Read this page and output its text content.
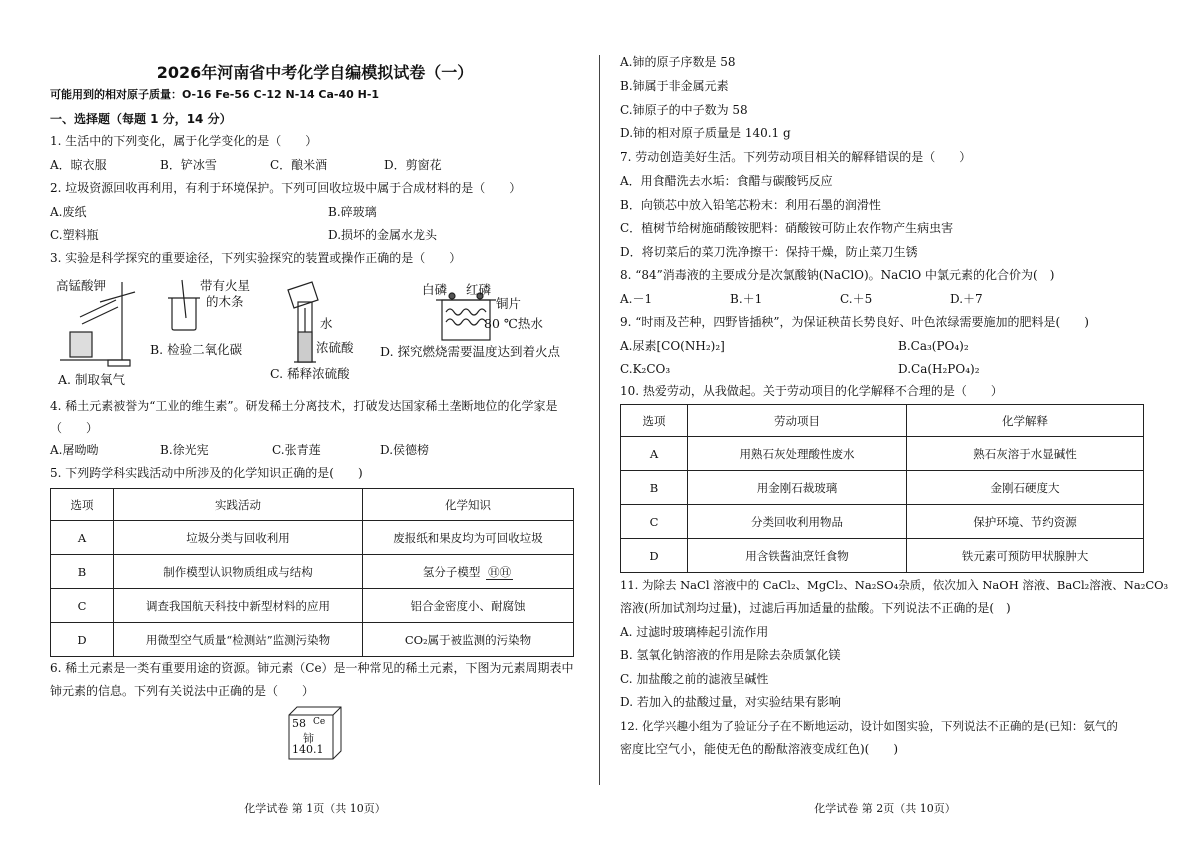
2026年河南省中考化学自编模拟试卷（一）
可能用到的相对原子质量：O-16 Fe-56 C-12 N-14 Ca-40 H-1
一、选择题（每题 1 分，14 分）
1. 生活中的下列变化，属于化学变化的是（　　）
A．晾衣服	B．铲冰雪	C．酿米酒	D．剪窗花
2. 垃圾资源回收再利用，有利于环境保护。下列可回收垃圾中属于合成材料的是（　　）
A.废纸	B.碎玻璃
C.塑料瓶	D.损坏的金属水龙头
3. 实验是科学探究的重要途径，下列实验探究的装置或操作正确的是（　　）
高锰酸钾
A. 制取氧气
带有火星
的木条
B. 检验二氧化碳
水
浓硫酸
C. 稀释浓硫酸
白磷 红磷
铜片
80 ℃热水
D. 探究燃烧需要温度达到着火点
4. 稀土元素被誉为“工业的维生素”。研发稀土分离技术，打破发达国家稀土垄断地位的化学家是
（　　）
A.屠呦呦	B.徐光宪	C.张青莲	D.侯德榜
5. 下列跨学科实践活动中所涉及的化学知识正确的是(　　)
选项	实践活动	化学知识
A	垃圾分类与回收利用	废报纸和果皮均为可回收垃圾
B	制作模型认识物质组成与结构	氢分子模型 ⒽⒽ
C	调查我国航天科技中新型材料的应用	铝合金密度小、耐腐蚀
D	用微型空气质量“检测站”监测污染物	CO₂属于被监测的污染物
6. 稀土元素是一类有重要用途的资源。铈元素（Ce）是一种常见的稀土元素，下图为元素周期表中
铈元素的信息。下列有关说法中正确的是（　　）
58 Ce
铈
140.1
化学试卷 第 1页（共 10页）
A.铈的原子序数是 58
B.铈属于非金属元素
C.铈原子的中子数为 58
D.铈的相对原子质量是 140.1 g
7. 劳动创造美好生活。下列劳动项目相关的解释错误的是（　　）
A．用食醋洗去水垢：食醋与碳酸钙反应
B．向锁芯中放入铅笔芯粉末：利用石墨的润滑性
C．植树节给树施硝酸铵肥料：硝酸铵可防止农作物产生病虫害
D．将切菜后的菜刀洗净擦干：保持干燥，防止菜刀生锈
8. “84”消毒液的主要成分是次氯酸钠(NaClO)。NaClO 中氯元素的化合价为(　)
A.－1	B.＋1	C.＋5	D.＋7
9. “时雨及芒种，四野皆插秧”，为保证秧苗长势良好、叶色浓绿需要施加的肥料是(　　)
A.尿素[CO(NH₂)₂]	B.Ca₃(PO₄)₂
C.K₂CO₃	D.Ca(H₂PO₄)₂
10. 热爱劳动，从我做起。关于劳动项目的化学解释不合理的是（　　）
选项	劳动项目	化学解释
A	用熟石灰处理酸性废水	熟石灰溶于水显碱性
B	用金刚石裁玻璃	金刚石硬度大
C	分类回收利用物品	保护环境、节约资源
D	用含铁酱油烹饪食物	铁元素可预防甲状腺肿大
11. 为除去 NaCl 溶液中的 CaCl₂、MgCl₂、Na₂SO₄杂质，依次加入 NaOH 溶液、BaCl₂溶液、Na₂CO₃
溶液(所加试剂均过量)，过滤后再加适量的盐酸。下列说法不正确的是(　)
A. 过滤时玻璃棒起引流作用
B. 氢氧化钠溶液的作用是除去杂质氯化镁
C. 加盐酸之前的滤液呈碱性
D. 若加入的盐酸过量，对实验结果有影响
12. 化学兴趣小组为了验证分子在不断地运动，设计如图实验，下列说法不正确的是(已知：氨气的
密度比空气小，能使无色的酚酞溶液变成红色)(　　)
化学试卷 第 2页（共 10页）
